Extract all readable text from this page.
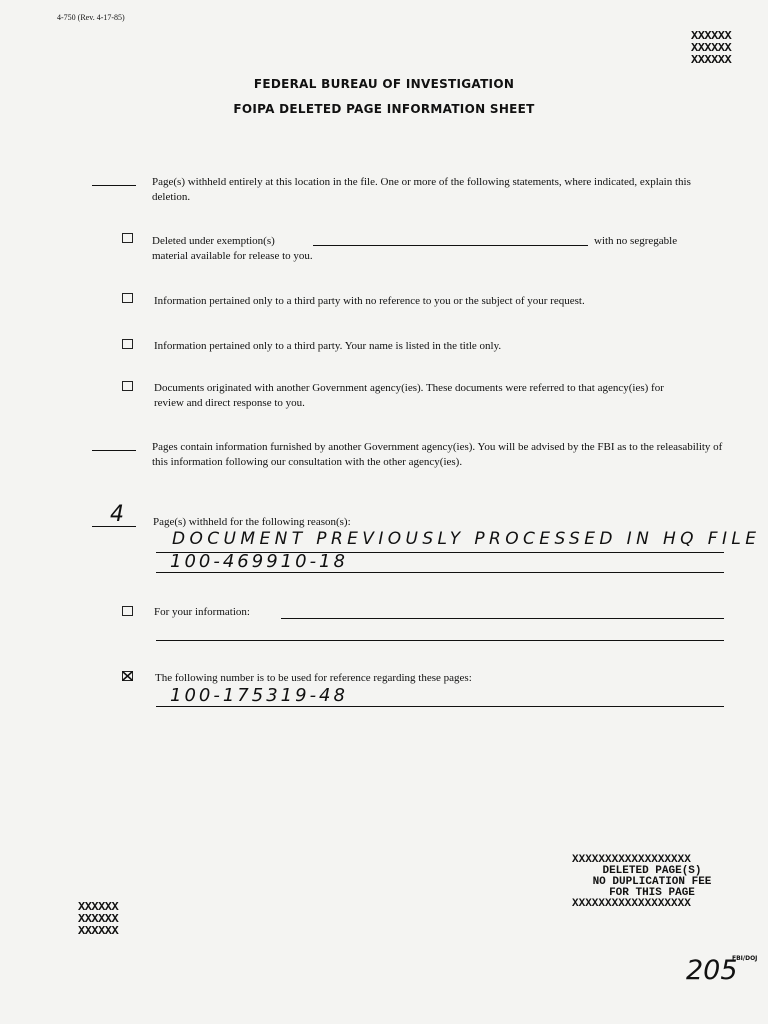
4-750 (Rev. 4-17-85)
XXXXXX
XXXXXX
XXXXXX
FEDERAL BUREAU OF INVESTIGATION
FOIPA DELETED PAGE INFORMATION SHEET
Page(s) withheld entirely at this location in the file. One or more of the following statements, where indicated, explain this deletion.
Deleted under exemption(s)	with no segregable
material available for release to you.
Information pertained only to a third party with no reference to you or the subject of your request.
Information pertained only to a third party. Your name is listed in the title only.
Documents originated with another Government agency(ies). These documents were referred to that agency(ies) for review and direct response to you.
Pages contain information furnished by another Government agency(ies). You will be advised by the FBI as to the releasability of this information following our consultation with the other agency(ies).
4 Page(s) withheld for the following reason(s):
DOCUMENT PREVIOUSLY PROCESSED IN HQ FILE
100-469910-18
For your information:
The following number is to be used for reference regarding these pages:
100-175319-48
XXXXXX
XXXXXX
XXXXXX
XXXXXXXXXXXXXXXXXX
DELETED PAGE(S)
NO DUPLICATION FEE
FOR THIS PAGE
XXXXXXXXXXXXXXXXXX
FBI/DOJ
205
